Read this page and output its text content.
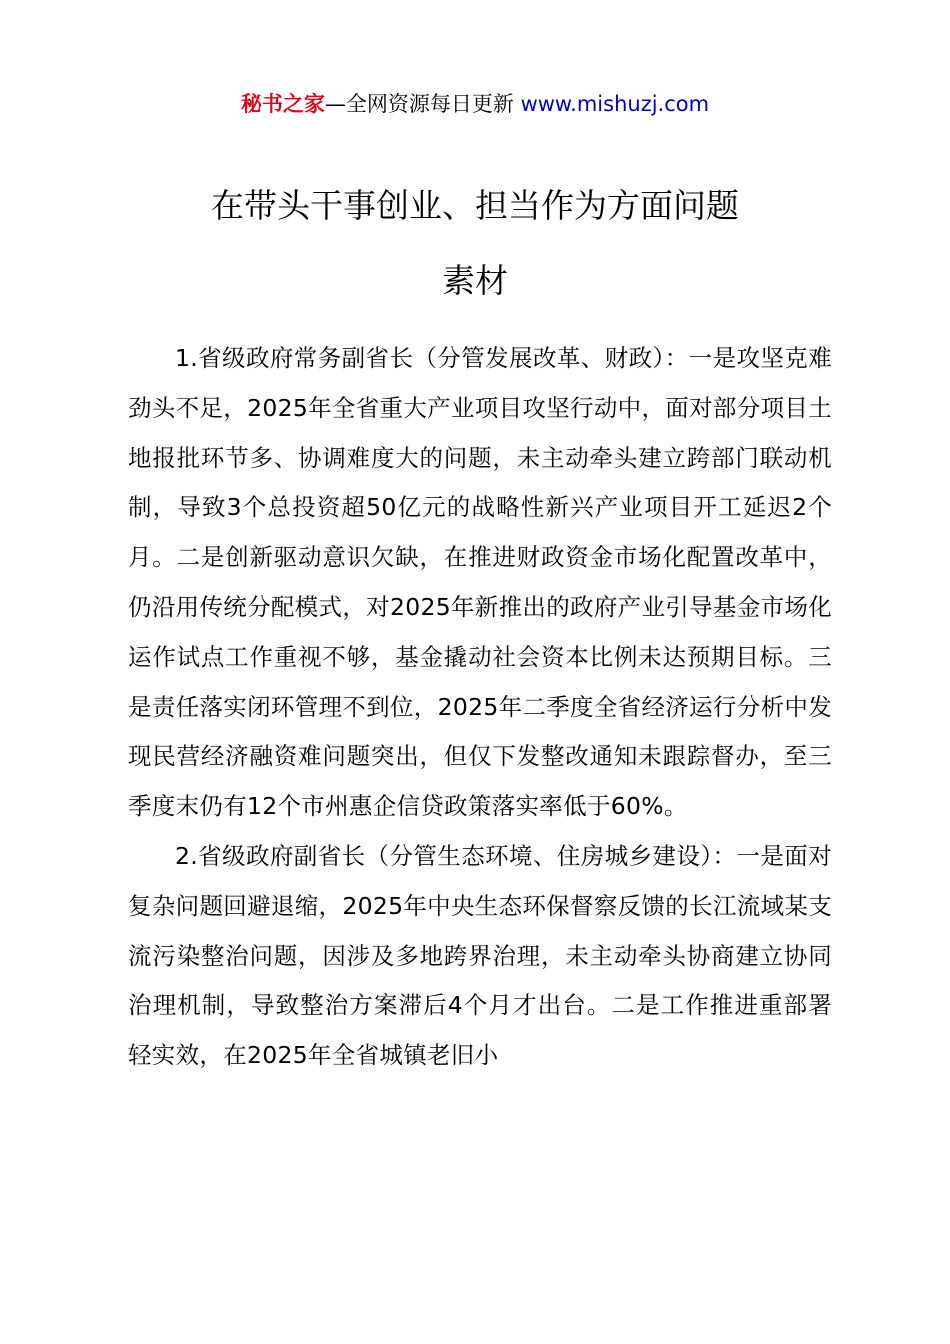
秘书之家—全网资源每日更新 www.mishuzj.com
在带头干事创业、担当作为方面问题
素材

1.省级政府常务副省长（分管发展改革、财政）：一是攻坚克难劲头不足，2025年全省重大产业项目攻坚行动中，面对部分项目土地报批环节多、协调难度大的问题，未主动牵头建立跨部门联动机制，导致3个总投资超50亿元的战略性新兴产业项目开工延迟2个月。二是创新驱动意识欠缺，在推进财政资金市场化配置改革中，仍沿用传统分配模式，对2025年新推出的政府产业引导基金市场化运作试点工作重视不够，基金撬动社会资本比例未达预期目标。三是责任落实闭环管理不到位，2025年二季度全省经济运行分析中发现民营经济融资难问题突出，但仅下发整改通知未跟踪督办，至三季度末仍有12个市州惠企信贷政策落实率低于60%。

2.省级政府副省长（分管生态环境、住房城乡建设）：一是面对复杂问题回避退缩，2025年中央生态环保督察反馈的长江流域某支流污染整治问题，因涉及多地跨界治理，未主动牵头协商建立协同治理机制，导致整治方案滞后4个月才出台。二是工作推进重部署轻实效，在2025年全省城镇老旧小
